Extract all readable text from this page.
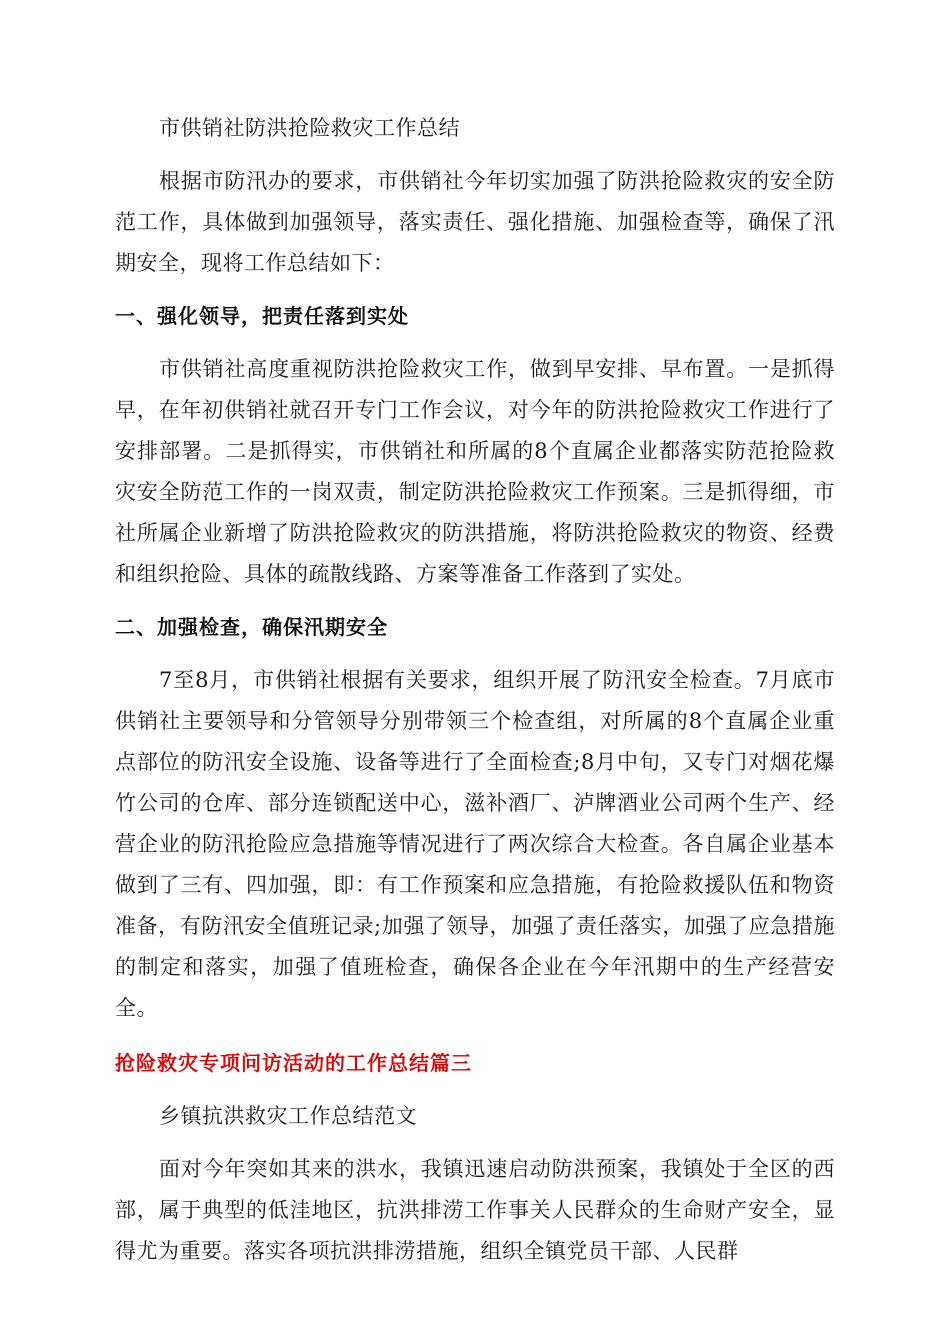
市供销社防洪抢险救灾工作总结

根据市防汛办的要求，市供销社今年切实加强了防洪抢险救灾的安全防范工作，具体做到加强领导，落实责任、强化措施、加强检查等，确保了汛期安全，现将工作总结如下：

一、强化领导，把责任落到实处

市供销社高度重视防洪抢险救灾工作，做到早安排、早布置。一是抓得早，在年初供销社就召开专门工作会议，对今年的防洪抢险救灾工作进行了安排部署。二是抓得实，市供销社和所属的8个直属企业都落实防范抢险救灾安全防范工作的一岗双责，制定防洪抢险救灾工作预案。三是抓得细，市社所属企业新增了防洪抢险救灾的防洪措施，将防洪抢险救灾的物资、经费和组织抢险、具体的疏散线路、方案等准备工作落到了实处。

二、加强检查，确保汛期安全

7至8月，市供销社根据有关要求，组织开展了防汛安全检查。7月底市供销社主要领导和分管领导分别带领三个检查组，对所属的8个直属企业重点部位的防汛安全设施、设备等进行了全面检查;8月中旬，又专门对烟花爆竹公司的仓库、部分连锁配送中心，滋补酒厂、泸牌酒业公司两个生产、经营企业的防汛抢险应急措施等情况进行了两次综合大检查。各自属企业基本做到了三有、四加强，即：有工作预案和应急措施，有抢险救援队伍和物资准备，有防汛安全值班记录;加强了领导，加强了责任落实，加强了应急措施的制定和落实，加强了值班检查，确保各企业在今年汛期中的生产经营安全。

抢险救灾专项问访活动的工作总结篇三

乡镇抗洪救灾工作总结范文

面对今年突如其来的洪水，我镇迅速启动防洪预案，我镇处于全区的西部，属于典型的低洼地区，抗洪排涝工作事关人民群众的生命财产安全，显得尤为重要。落实各项抗洪排涝措施，组织全镇党员干部、人民群
